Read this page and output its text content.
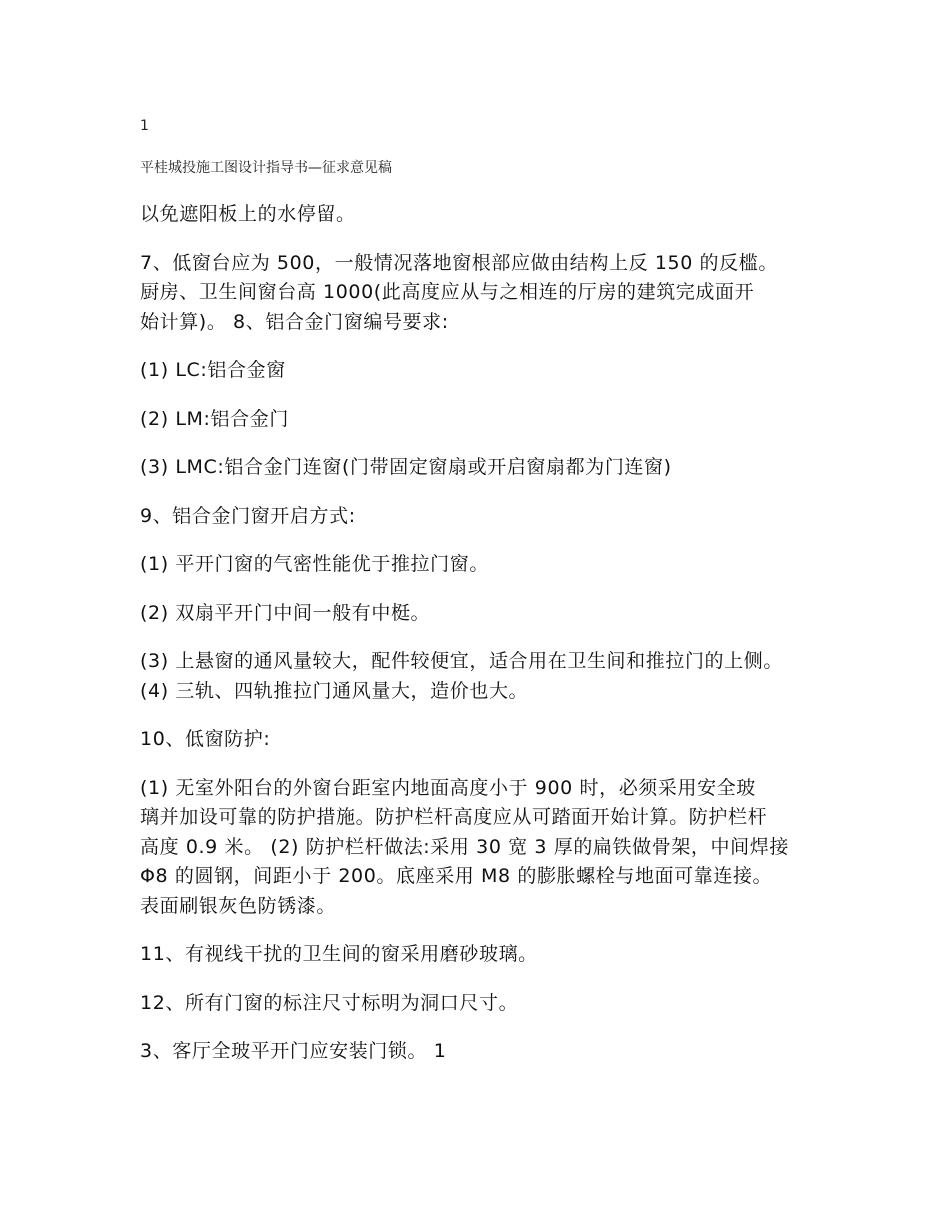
1
平桂城投施工图设计指导书—征求意见稿

以免遮阳板上的水停留。

7、低窗台应为 500，一般情况落地窗根部应做由结构上反 150 的反槛。
厨房、卫生间窗台高 1000(此高度应从与之相连的厅房的建筑完成面开
始计算)。 8、铝合金门窗编号要求:

(1) LC:铝合金窗

(2) LM:铝合金门

(3) LMC:铝合金门连窗(门带固定窗扇或开启窗扇都为门连窗)

9、铝合金门窗开启方式:

(1) 平开门窗的气密性能优于推拉门窗。

(2) 双扇平开门中间一般有中梃。

(3) 上悬窗的通风量较大，配件较便宜，适合用在卫生间和推拉门的上侧。
(4) 三轨、四轨推拉门通风量大，造价也大。

10、低窗防护:

(1) 无室外阳台的外窗台距室内地面高度小于 900 时，必须采用安全玻
璃并加设可靠的防护措施。防护栏杆高度应从可踏面开始计算。防护栏杆
高度 0.9 米。 (2) 防护栏杆做法:采用 30 宽 3 厚的扁铁做骨架，中间焊接
Φ8 的圆钢，间距小于 200。底座采用 M8 的膨胀螺栓与地面可靠连接。
表面刷银灰色防锈漆。

11、有视线干扰的卫生间的窗采用磨砂玻璃。

12、所有门窗的标注尺寸标明为洞口尺寸。

3、客厅全玻平开门应安装门锁。 1
